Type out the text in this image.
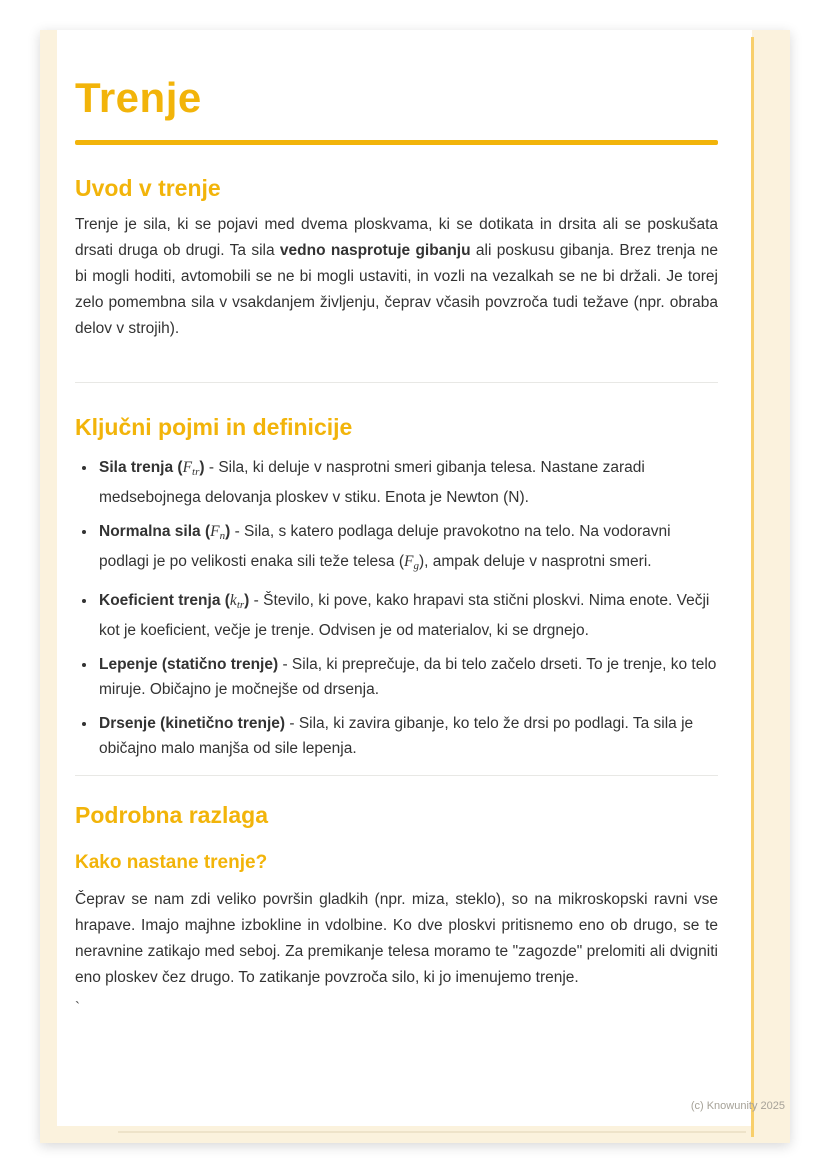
Trenje
Uvod v trenje

Trenje je sila, ki se pojavi med dvema ploskvama, ki se dotikata in drsita ali se poskušata drsati druga ob drugi. Ta sila vedno nasprotuje gibanju ali poskusu gibanja. Brez trenja ne bi mogli hoditi, avtomobili se ne bi mogli ustaviti, in vozli na vezalkah se ne bi držali. Je torej zelo pomembna sila v vsakdanjem življenju, čeprav včasih povzroča tudi težave (npr. obraba delov v strojih).

Ključni pojmi in definicije
• Sila trenja (Ftr) - Sila, ki deluje v nasprotni smeri gibanja telesa. Nastane zaradi medsebojnega delovanja ploskev v stiku. Enota je Newton (N).
• Normalna sila (Fn) - Sila, s katero podlaga deluje pravokotno na telo. Na vodoravni podlagi je po velikosti enaka sili teže telesa (Fg), ampak deluje v nasprotni smeri.
• Koeficient trenja (ktr) - Število, ki pove, kako hrapavi sta stični ploskvi. Nima enote. Večji kot je koeficient, večje je trenje. Odvisen je od materialov, ki se drgnejo.
• Lepenje (statično trenje) - Sila, ki preprečuje, da bi telo začelo drseti. To je trenje, ko telo miruje. Običajno je močnejše od drsenja.
• Drsenje (kinetično trenje) - Sila, ki zavira gibanje, ko telo že drsi po podlagi. Ta sila je običajno malo manjša od sile lepenja.
Podrobna razlaga
Kako nastane trenje?

Čeprav se nam zdi veliko površin gladkih (npr. miza, steklo), so na mikroskopski ravni vse hrapave. Imajo majhne izbokline in vdolbine. Ko dve ploskvi pritisnemo eno ob drugo, se te neravnine zatikajo med seboj. Za premikanje telesa moramo te "zagozde" prelomiti ali dvigniti eno ploskev čez drugo. To zatikanje povzroča silo, ki jo imenujemo trenje.

`
(c) Knowunity 2025
